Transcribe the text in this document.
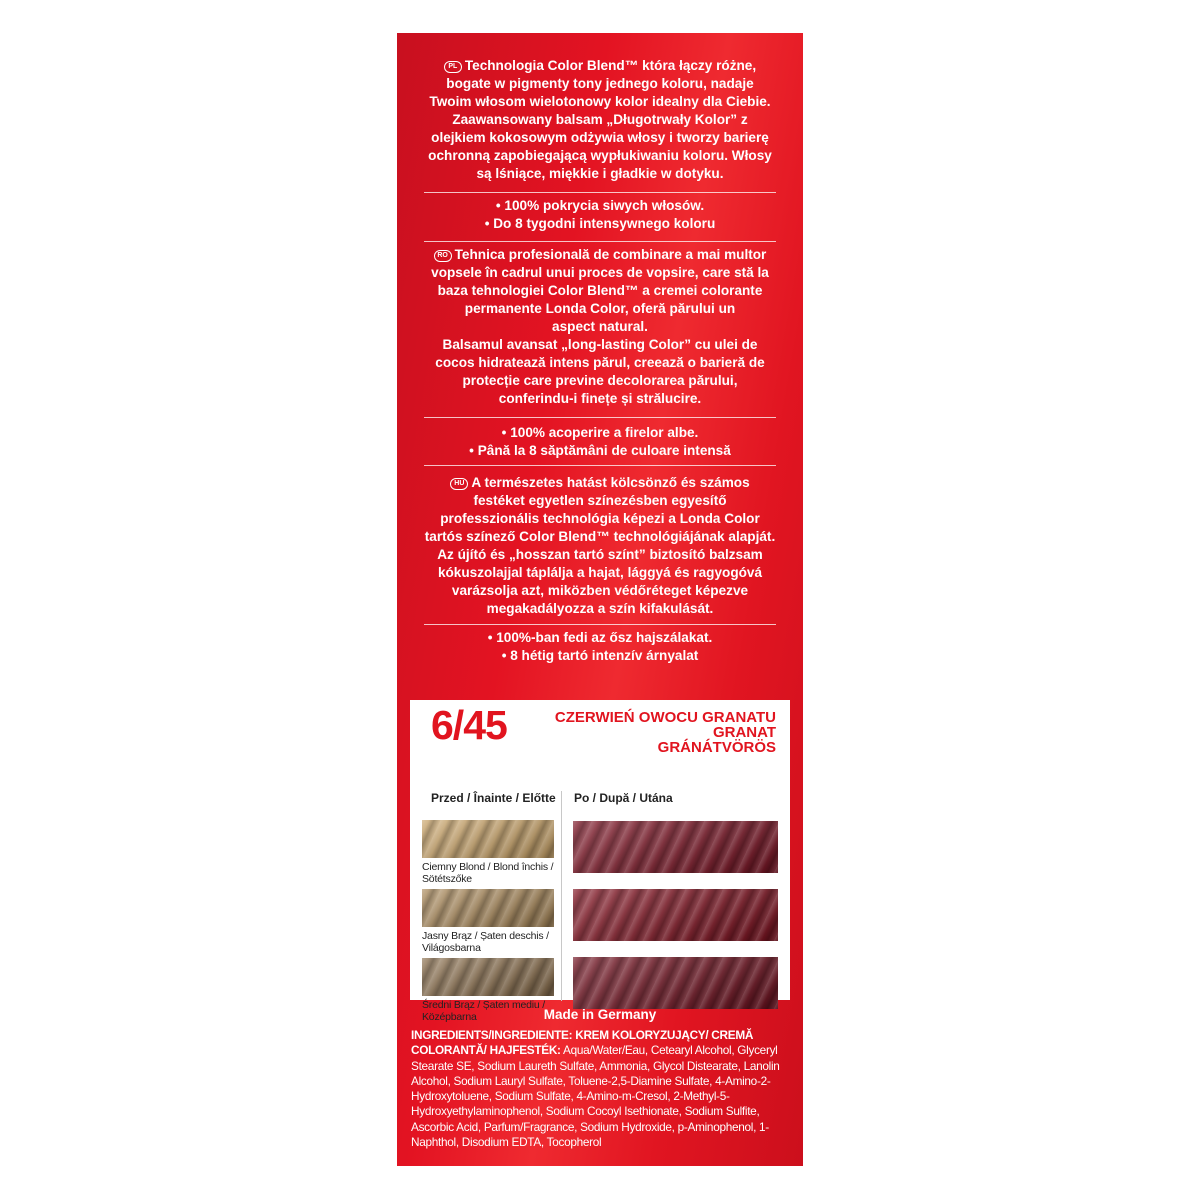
PL Technologia Color Blend™ która łączy różne,
bogate w pigmenty tony jednego koloru, nadaje
Twoim włosom wielotonowy kolor idealny dla Ciebie.
Zaawansowany balsam „Długotrwały Kolor” z
olejkiem kokosowym odżywia włosy i tworzy barierę
ochronną zapobiegającą wypłukiwaniu koloru. Włosy
są lśniące, miękkie i gładkie w dotyku.
• 100% pokrycia siwych włosów.
• Do 8 tygodni intensywnego koloru
RO Tehnica profesională de combinare a mai multor
vopsele în cadrul unui proces de vopsire, care stă la
baza tehnologiei Color Blend™ a cremei colorante
permanente Londa Color, oferă părului un
aspect natural.
Balsamul avansat „long-lasting Color” cu ulei de
cocos hidratează intens părul, creează o barieră de
protecție care previne decolorarea părului,
conferindu-i finețe și strălucire.
• 100% acoperire a firelor albe.
• Până la 8 săptămâni de culoare intensă
HU A természetes hatást kölcsönző és számos
festéket egyetlen színezésben egyesítő
professzionális technológia képezi a Londa Color
tartós színező Color Blend™ technológiájának alapját.
Az újító és „hosszan tartó színt” biztosító balzsam
kókuszolajjal táplálja a hajat, lággyá és ragyogóvá
varázsolja azt, miközben védőréteget képezve
megakadályozza a szín kifakulását.
• 100%-ban fedi az ősz hajszálakat.
• 8 hétig tartó intenzív árnyalat
6/45	CZERWIEŃ OWOCU GRANATU
GRANAT
GRÁNÁTVÖRÖS
Przed / Înainte / Előtte Po / După / Utána
Ciemny Blond / Blond închis / Sötétszőke
Jasny Brąz / Șaten deschis / Világosbarna
Średni Brąz / Șaten mediu / Középbarna	Made in Germany
INGREDIENTS/INGREDIENTE: KREM KOLORYZUJĄCY/ CREMĂ COLORANTĂ/ HAJFESTÉK: Aqua/Water/Eau, Cetearyl Alcohol, Glyceryl Stearate SE, Sodium Laureth Sulfate, Ammonia, Glycol Distearate, Lanolin Alcohol, Sodium Lauryl Sulfate, Toluene-2,5-Diamine Sulfate, 4-Amino-2-Hydroxytoluene, Sodium Sulfate, 4-Amino-m-Cresol, 2-Methyl-5-Hydroxyethylaminophenol, Sodium Cocoyl Isethionate, Sodium Sulfite, Ascorbic Acid, Parfum/Fragrance, Sodium Hydroxide, p-Aminophenol, 1-Naphthol, Disodium EDTA, Tocopherol
